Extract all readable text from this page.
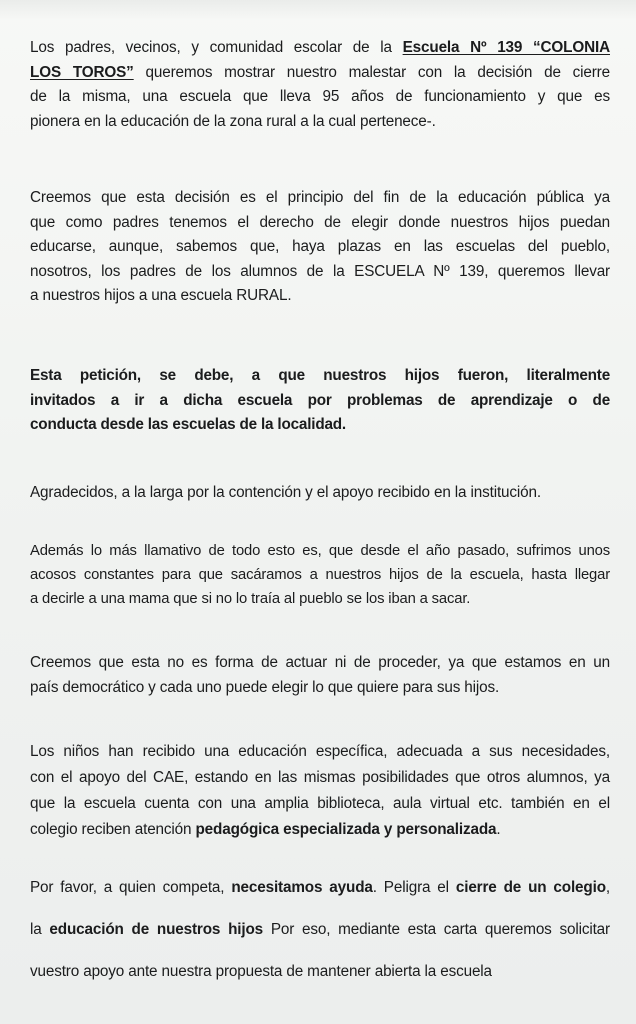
Los padres, vecinos, y comunidad escolar de la Escuela Nº 139 “COLONIA
LOS TOROS” queremos mostrar nuestro malestar con la decisión de cierre
de la misma, una escuela que lleva 95 años de funcionamiento y que es
pionera en la educación de la zona rural a la cual pertenece-.

Creemos que esta decisión es el principio del fin de la educación pública ya
que como padres tenemos el derecho de elegir donde nuestros hijos puedan
educarse, aunque, sabemos que, haya plazas en las escuelas del pueblo,
nosotros, los padres de los alumnos de la ESCUELA Nº 139, queremos llevar
a nuestros hijos a una escuela RURAL.

Esta petición, se debe, a que nuestros hijos fueron, literalmente
invitados a ir a dicha escuela por problemas de aprendizaje o de
conducta desde las escuelas de la localidad.

Agradecidos, a la larga por la contención y el apoyo recibido en la institución.

Además lo más llamativo de todo esto es, que desde el año pasado, sufrimos unos
acosos constantes para que sacáramos a nuestros hijos de la escuela, hasta llegar
a decirle a una mama que si no lo traía al pueblo se los iban a sacar.

Creemos que esta no es forma de actuar ni de proceder, ya que estamos en un
país democrático y cada uno puede elegir lo que quiere para sus hijos.

Los niños han recibido una educación específica, adecuada a sus necesidades,
con el apoyo del CAE, estando en las mismas posibilidades que otros alumnos, ya
que la escuela cuenta con una amplia biblioteca, aula virtual etc. también en el
colegio reciben atención pedagógica especializada y personalizada.

Por favor, a quien competa, necesitamos ayuda. Peligra el cierre de un colegio,

la educación de nuestros hijos Por eso, mediante esta carta queremos solicitar

vuestro apoyo ante nuestra propuesta de mantener abierta la escuela
